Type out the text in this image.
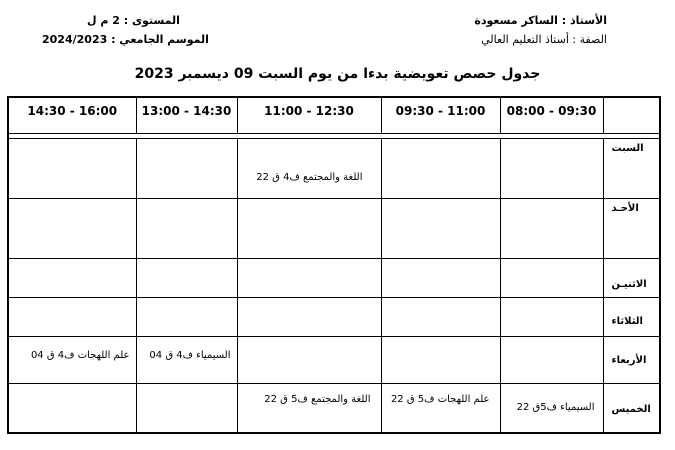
الأستاذ : الساكر مسعودة
الصفة : أستاذ التعليم العالي
المستوى : 2 م ل
الموسم الجامعي : 2024/2023
جدول حصص تعويضية بدءا من يوم السبت 09 ديسمبر 2023
	09:30 - 08:00	11:00 - 09:30	12:30 - 11:00	14:30 - 13:00	16:00 - 14:30

السبت			اللغة والمجتمع ف4 ق 22		

الأحـد					

الاثنيـن					

الثلاثاء					

الأربعاء				السيمياء ف4 ق 04	علم اللهجات ف4 ق 04

الخميس	السيمياء ف5ق 22	علم اللهجات ف5 ق 22	اللغة والمجتمع ف5 ق 22		
